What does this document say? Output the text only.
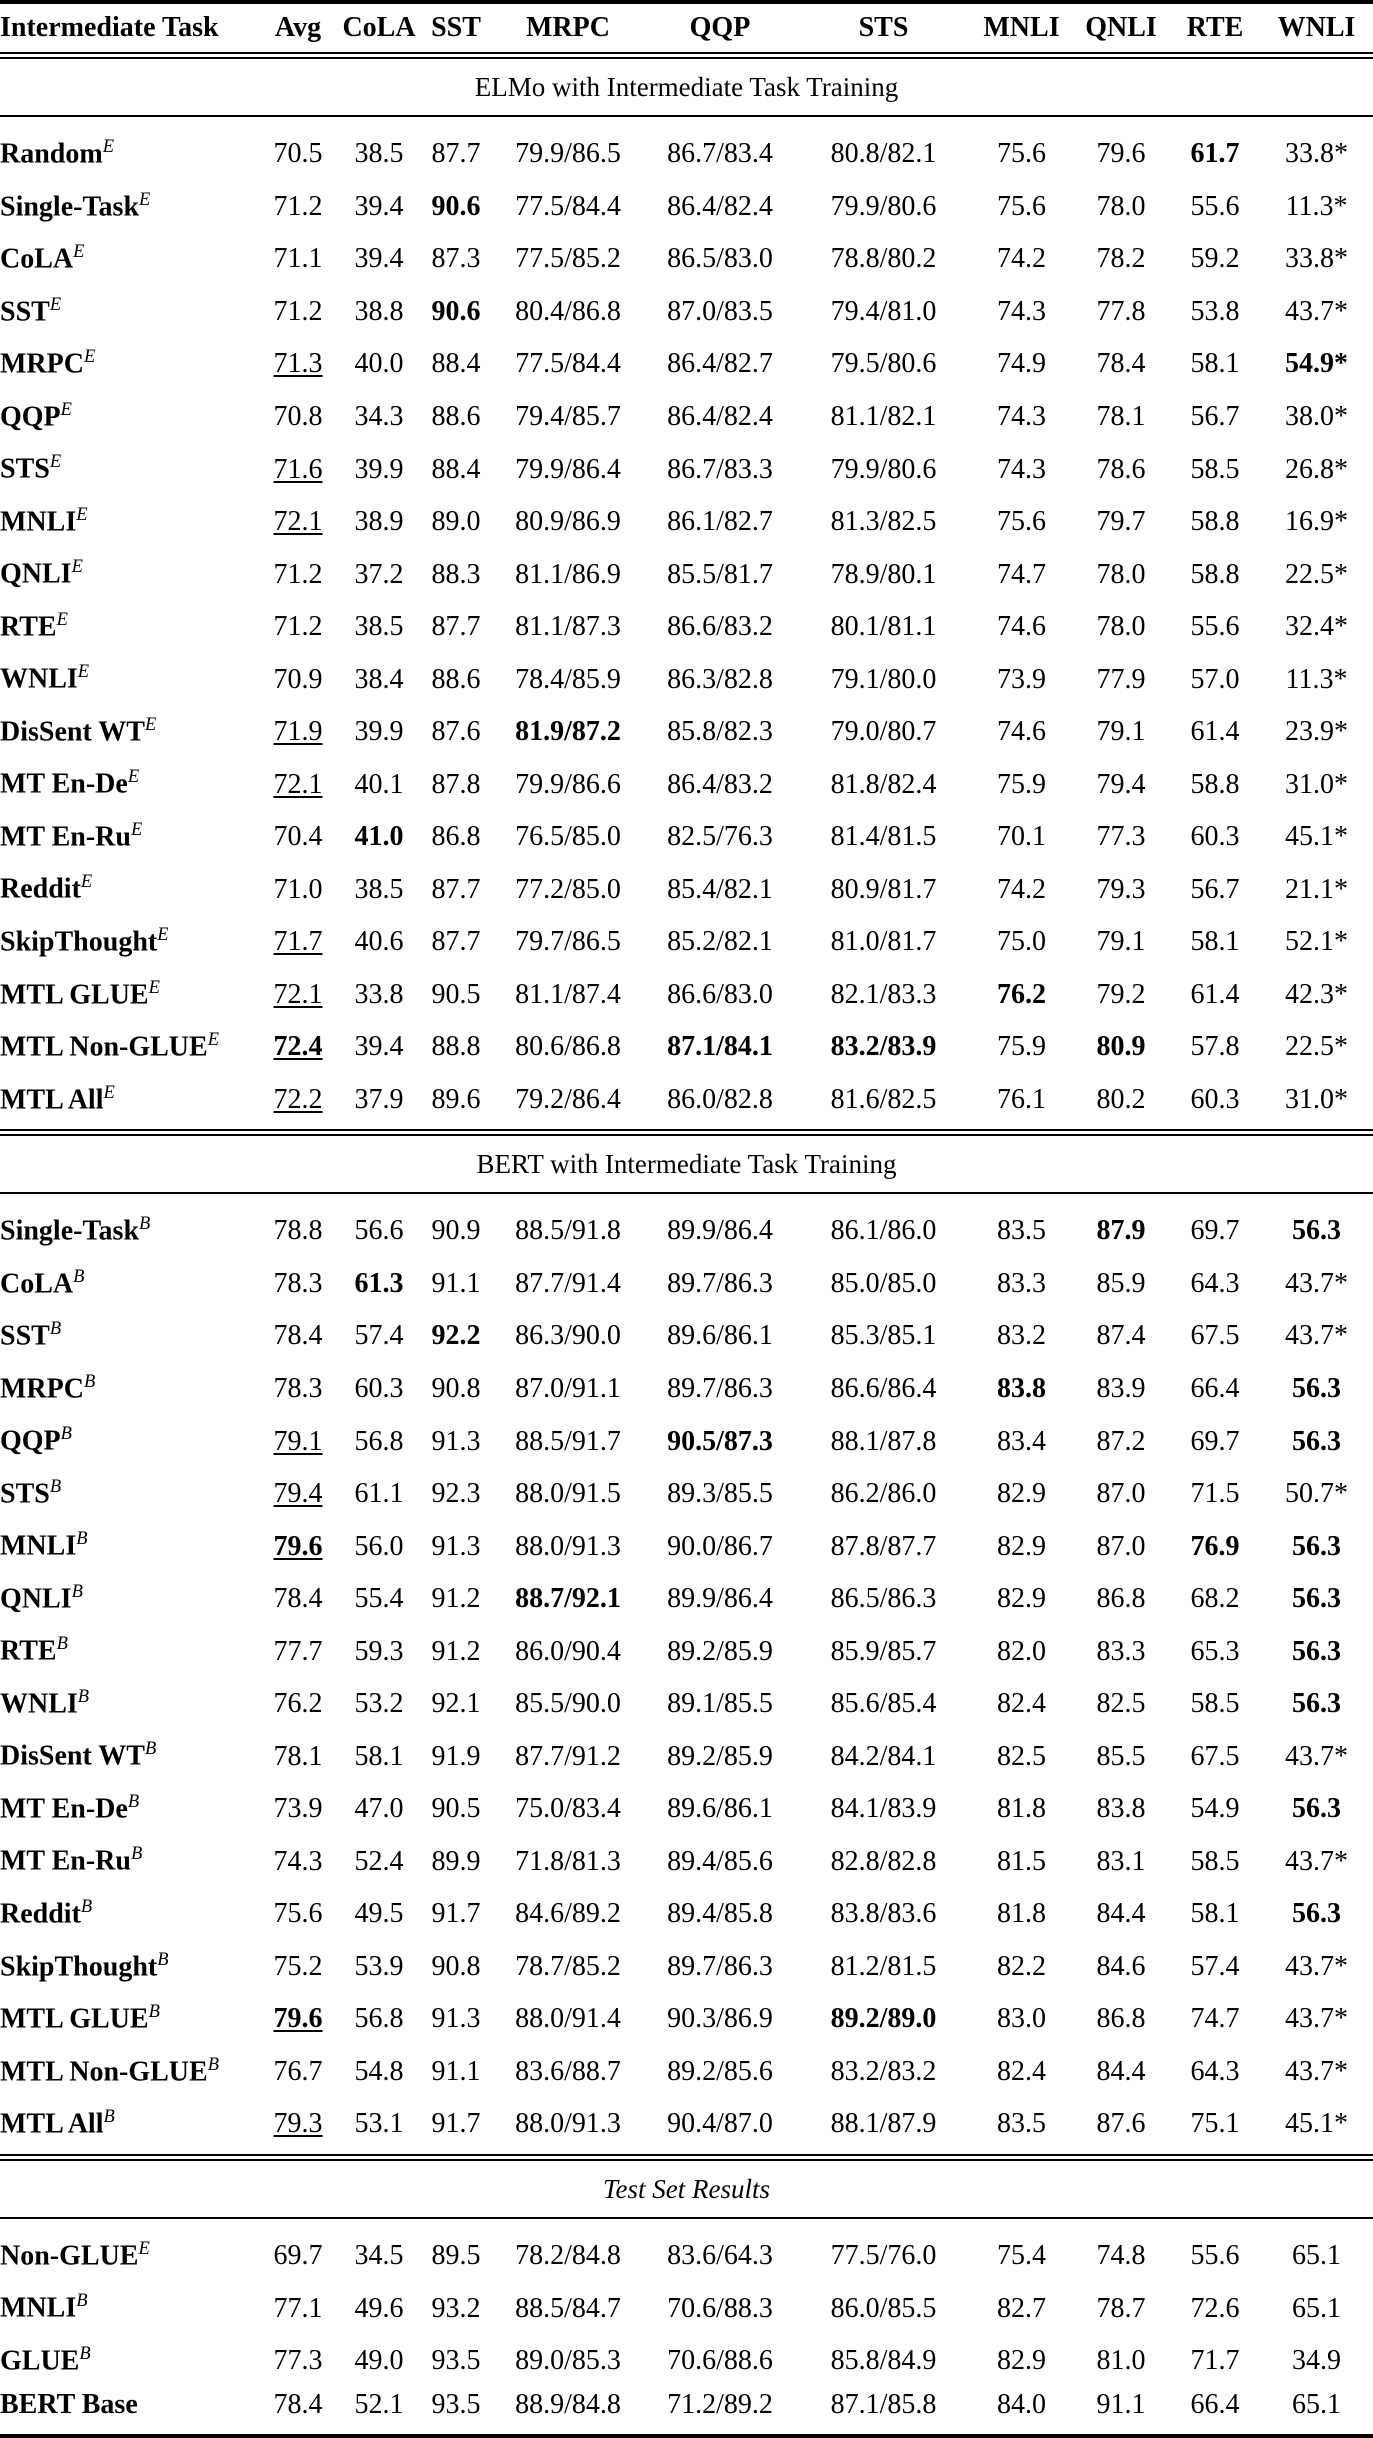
Intermediate Task	Avg	CoLA	SST	MRPC	QQP	STS	MNLI	QNLI	RTE	WNLI

ELMo with Intermediate Task Training										

Random$^E$	70.5	38.5	87.7	79.9/86.5	86.7/83.4	80.8/82.1	75.6	79.6	61.7	33.8*
Single-Task$^E$	71.2	39.4	90.6	77.5/84.4	86.4/82.4	79.9/80.6	75.6	78.0	55.6	11.3*
CoLA$^E$	71.1	39.4	87.3	77.5/85.2	86.5/83.0	78.8/80.2	74.2	78.2	59.2	33.8*
$SST^E$	71.2	38.8	90.6	80.4/86.8	87.0/83.5	79.4/81.0	74.3	77.8	53.8	43.7*
$MRPC^E$	71.3	40.0	88.4	77.5/84.4	86.4/82.7	79.5/80.6	74.9	78.4	58.1	54.9*
$QQP^E$	70.8	34.3	88.6	79.4/85.7	86.4/82.4	81.1/82.1	74.3	78.1	56.7	38.0*
$STS^E$	71.6	39.9	88.4	79.9/86.4	86.7/83.3	79.9/80.6	74.3	78.6	58.5	26.8*
$MNLI^E$	72.1	38.9	89.0	80.9/86.9	86.1/82.7	81.3/82.5	75.6	79.7	58.8	16.9*
$QNLI^E$	71.2	37.2	88.3	81.1/86.9	85.5/81.7	78.9/80.1	74.7	78.0	58.8	22.5*
$RTE^E$	71.2	38.5	87.7	81.1/87.3	86.6/83.2	80.1/81.1	74.6	78.0	55.6	32.4*
$WNLI^E$	70.9	38.4	88.6	78.4/85.9	86.3/82.8	79.1/80.0	73.9	77.9	57.0	11.3*
DisSent $WT^E$	71.9	39.9	87.6	81.9/87.2	85.8/82.3	79.0/80.7	74.6	79.1	61.4	23.9*
MT $En-De^E$	72.1	40.1	87.8	79.9/86.6	86.4/83.2	81.8/82.4	75.9	79.4	58.8	31.0*
MT $En-Ru^E$	70.4	41.0	86.8	76.5/85.0	82.5/76.3	81.4/81.5	70.1	77.3	60.3	45.1*
Reddit$^E$	71.0	38.5	87.7	77.2/85.0	85.4/82.1	80.9/81.7	74.2	79.3	56.7	21.1*
SkipThought$^E$	71.7	40.6	87.7	79.7/86.5	85.2/82.1	81.0/81.7	75.0	79.1	58.1	52.1*
MTL $GLUE^E$	72.1	33.8	90.5	81.1/87.4	86.6/83.0	82.1/83.3	76.2	79.2	61.4	42.3*
MTL Non-$GLUE^E$	72.4	39.4	88.8	80.6/86.8	87.1/84.1	83.2/83.9	75.9	80.9	57.8	22.5*
MTL All$^E$	72.2	37.9	89.6	79.2/86.4	86.0/82.8	81.6/82.5	76.1	80.2	60.3	31.0*

BERT with Intermediate Task Training										

Single-Task$^B$	78.8	56.6	90.9	88.5/91.8	89.9/86.4	86.1/86.0	83.5	87.9	69.7	56.3
CoLA$^B$	78.3	61.3	91.1	87.7/91.4	89.7/86.3	85.0/85.0	83.3	85.9	64.3	43.7*
$SST^B$	78.4	57.4	92.2	86.3/90.0	89.6/86.1	85.3/85.1	83.2	87.4	67.5	43.7*
$MRPC^B$	78.3	60.3	90.8	87.0/91.1	89.7/86.3	86.6/86.4	83.8	83.9	66.4	56.3
$QQP^B$	79.1	56.8	91.3	88.5/91.7	90.5/87.3	88.1/87.8	83.4	87.2	69.7	56.3
$STS^B$	79.4	61.1	92.3	88.0/91.5	89.3/85.5	86.2/86.0	82.9	87.0	71.5	50.7*
$MNLI^B$	79.6	56.0	91.3	88.0/91.3	90.0/86.7	87.8/87.7	82.9	87.0	76.9	56.3
$QNLI^B$	78.4	55.4	91.2	88.7/92.1	89.9/86.4	86.5/86.3	82.9	86.8	68.2	56.3
$RTE^B$	77.7	59.3	91.2	86.0/90.4	89.2/85.9	85.9/85.7	82.0	83.3	65.3	56.3
$WNLI^B$	76.2	53.2	92.1	85.5/90.0	89.1/85.5	85.6/85.4	82.4	82.5	58.5	56.3
DisSent $WT^B$	78.1	58.1	91.9	87.7/91.2	89.2/85.9	84.2/84.1	82.5	85.5	67.5	43.7*
MT $En-De^B$	73.9	47.0	90.5	75.0/83.4	89.6/86.1	84.1/83.9	81.8	83.8	54.9	56.3
MT $En-Ru^B$	74.3	52.4	89.9	71.8/81.3	89.4/85.6	82.8/82.8	81.5	83.1	58.5	43.7*
Reddit$^B$	75.6	49.5	91.7	84.6/89.2	89.4/85.8	83.8/83.6	81.8	84.4	58.1	56.3
SkipThought$^B$	75.2	53.9	90.8	78.7/85.2	89.7/86.3	81.2/81.5	82.2	84.6	57.4	43.7*
MTL $GLUE^B$	79.6	56.8	91.3	88.0/91.4	90.3/86.9	89.2/89.0	83.0	86.8	74.7	43.7*
MTL Non-$GLUE^B$	76.7	54.8	91.1	83.6/88.7	89.2/85.6	83.2/83.2	82.4	84.4	64.3	43.7*
MTL All$^B$	79.3	53.1	91.7	88.0/91.3	90.4/87.0	88.1/87.9	83.5	87.6	75.1	45.1*

Test Set Results										

Non-$GLUE^E$	69.7	34.5	89.5	78.2/84.8	83.6/64.3	77.5/76.0	75.4	74.8	55.6	65.1
$MNLI^B$	77.1	49.6	93.2	88.5/84.7	70.6/88.3	86.0/85.5	82.7	78.7	72.6	65.1
$GLUE^B$	77.3	49.0	93.5	89.0/85.3	70.6/88.6	85.8/84.9	82.9	81.0	71.7	34.9
BERT Base	78.4	52.1	93.5	88.9/84.8	71.2/89.2	87.1/85.8	84.0	91.1	66.4	65.1
